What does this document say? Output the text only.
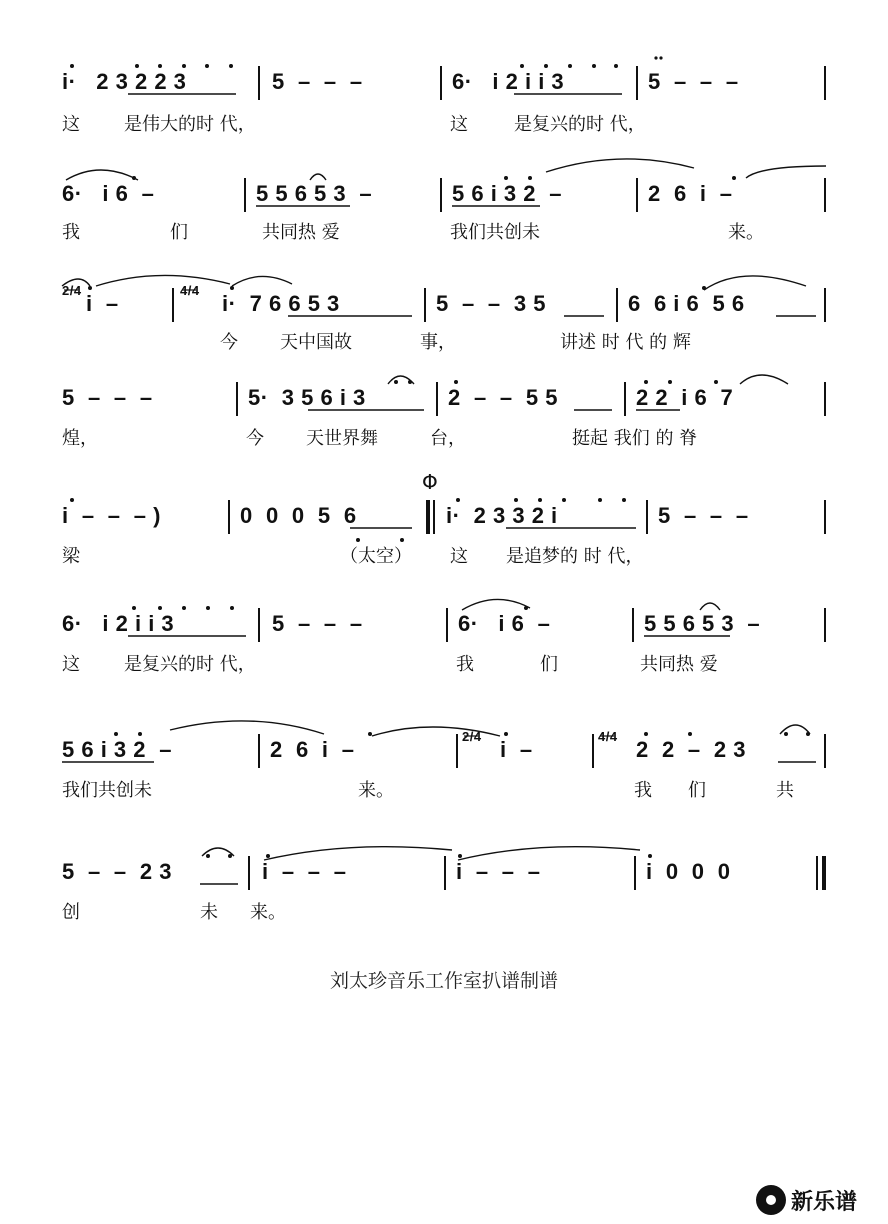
i·   2 3 2 2 3	5  –  –  –	6·   i 2 i i 3	5  –  –  –
这 是伟大的时 代，	这	是复兴的时 代，
6·   i 6  –	5 5 6 5 3  –	5 6 i 3 2  –	2  6  i  –
我	们	共同热 爱	我们共创未	来。
2/4
i  –
4/4
i·  7 6 6 5 3	5  –  –  3 5	6  6 i 6  5 6
今 天中国故	事，	讲述 时 代 的 辉
5  –  –  –	5·  3 5 6 i 3	2  –  –  5 5	2 2  i 6  7
煌，	今 天世界舞	台，	挺起 我们 的 脊
i  –  –  – )	0  0  0  5  6	i·  2 3 3 2 i	5  –  –  –
梁	（太空） 这 是追梦的 时 代，
6·   i 2 i i 3	5  –  –  –	6·   i 6  –	5 5 6 5 3  –
这 是复兴的时 代，	我	们	共同热 爱
5 6 i 3 2  –	2  6  i  –
2/4
i  –
4/4
2  2  –  2 3
我们共创未	来。	我 们	共
5  –  –  2 3	i  –  –  –	i  –  –  –	i  0  0  0
创	未 来。
Φ
刘太珍音乐工作室扒谱制谱
新乐谱
